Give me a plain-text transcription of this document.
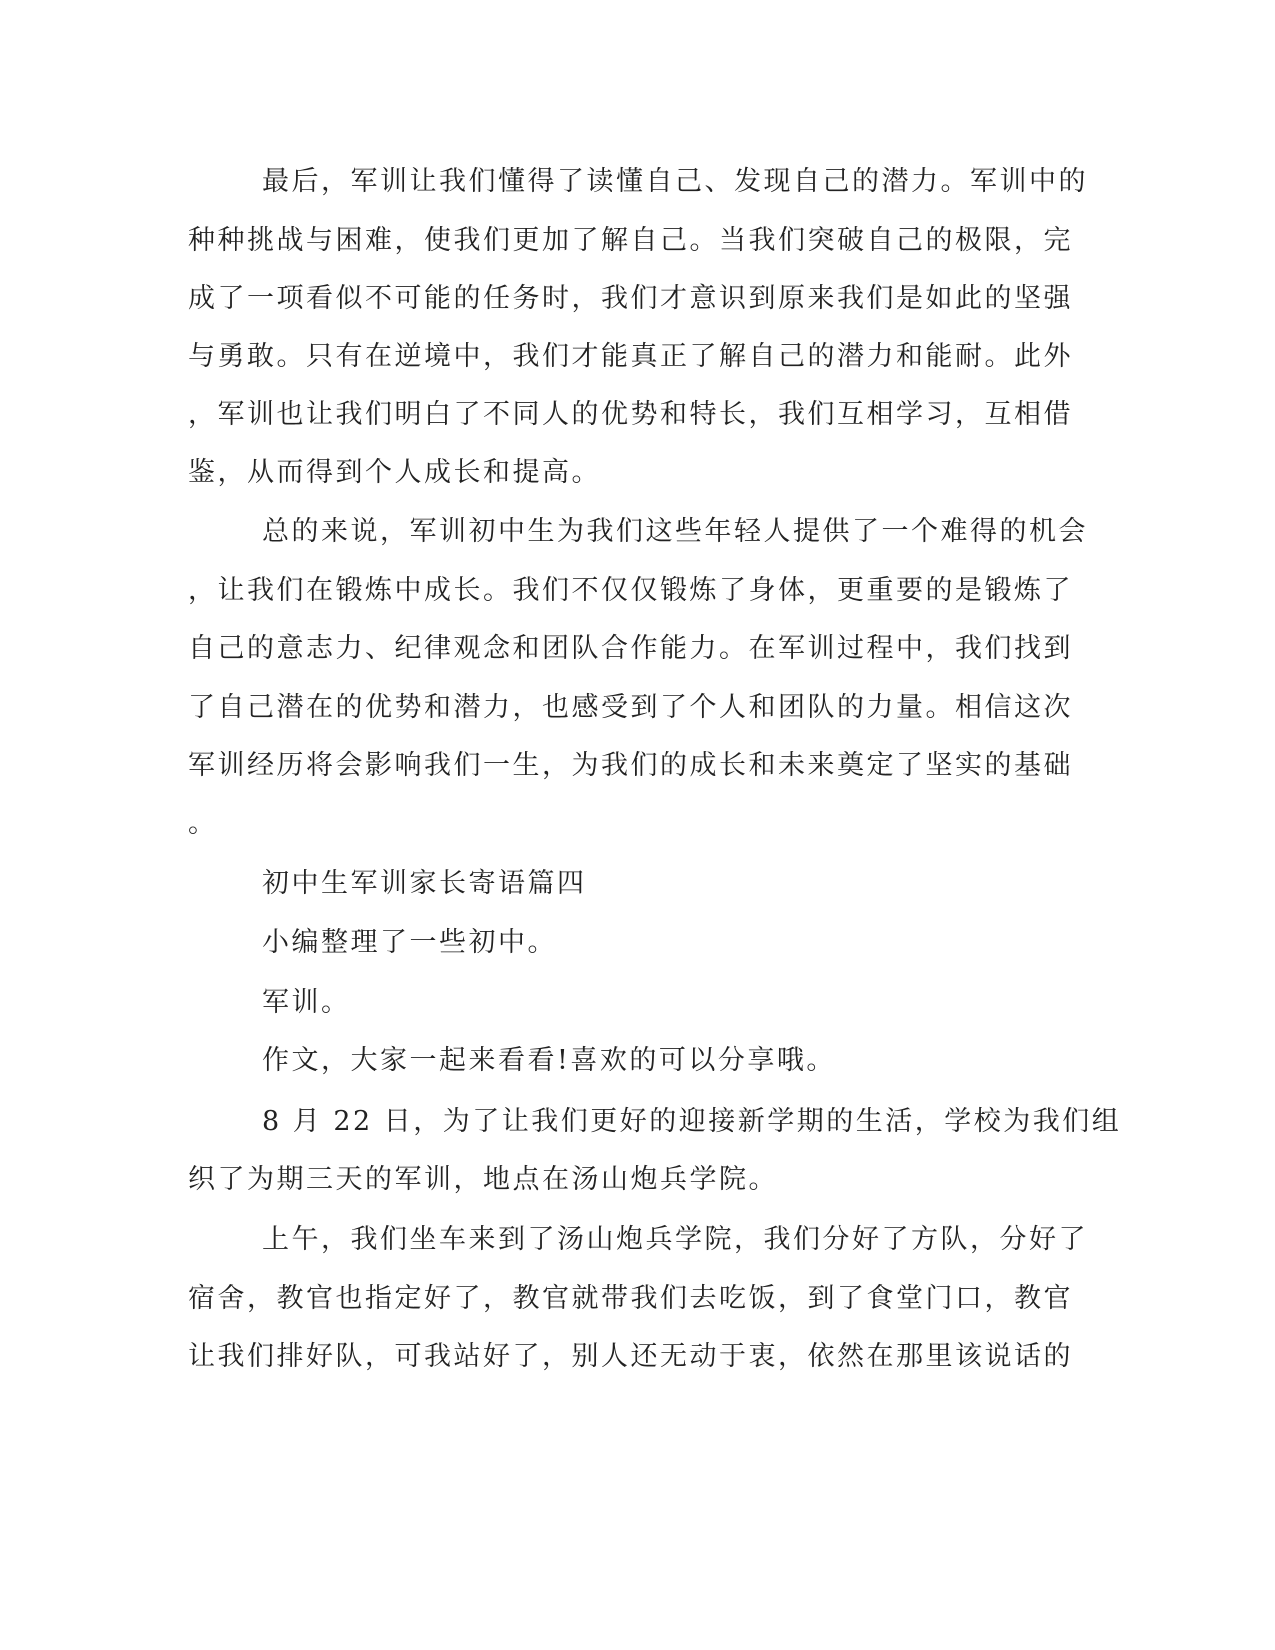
最后，军训让我们懂得了读懂自己、发现自己的潜力。军训中的
种种挑战与困难，使我们更加了解自己。当我们突破自己的极限，完
成了一项看似不可能的任务时，我们才意识到原来我们是如此的坚强
与勇敢。只有在逆境中，我们才能真正了解自己的潜力和能耐。此外
，军训也让我们明白了不同人的优势和特长，我们互相学习，互相借
鉴，从而得到个人成长和提高。
总的来说，军训初中生为我们这些年轻人提供了一个难得的机会
，让我们在锻炼中成长。我们不仅仅锻炼了身体，更重要的是锻炼了
自己的意志力、纪律观念和团队合作能力。在军训过程中，我们找到
了自己潜在的优势和潜力，也感受到了个人和团队的力量。相信这次
军训经历将会影响我们一生，为我们的成长和未来奠定了坚实的基础
。
初中生军训家长寄语篇四
小编整理了一些初中。
军训。
作文，大家一起来看看!喜欢的可以分享哦。
8 月 22 日，为了让我们更好的迎接新学期的生活，学校为我们组
织了为期三天的军训，地点在汤山炮兵学院。
上午，我们坐车来到了汤山炮兵学院，我们分好了方队，分好了
宿舍，教官也指定好了，教官就带我们去吃饭，到了食堂门口，教官
让我们排好队，可我站好了，别人还无动于衷，依然在那里该说话的
